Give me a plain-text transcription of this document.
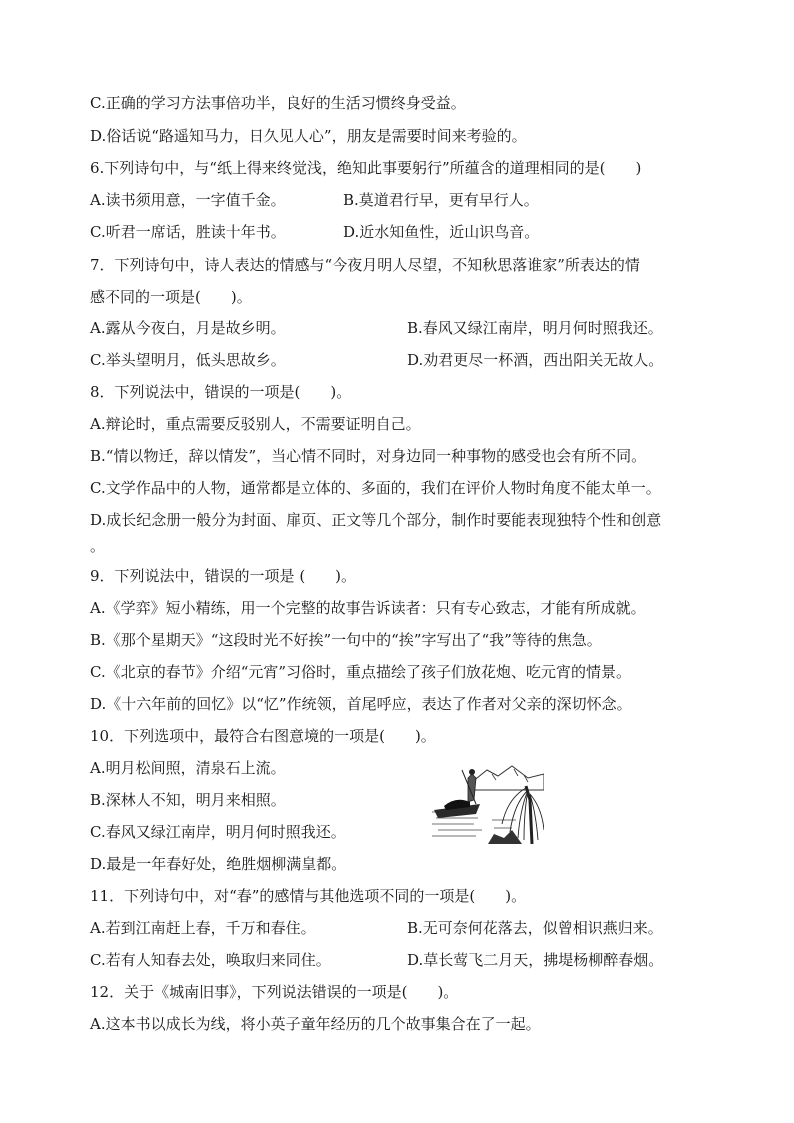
C.正确的学习方法事倍功半，良好的生活习惯终身受益。
D.俗话说“路遥知马力，日久见人心”，朋友是需要时间来考验的。
6.下列诗句中，与“纸上得来终觉浅，绝知此事要躬行”所蕴含的道理相同的是(　　)
A.读书须用意，一字值千金。	B.莫道君行早，更有早行人。
C.听君一席话，胜读十年书。	D.近水知鱼性，近山识鸟音。
7．下列诗句中，诗人表达的情感与“今夜月明人尽望，不知秋思落谁家”所表达的情
感不同的一项是(　　)。
A.露从今夜白，月是故乡明。	B.春风又绿江南岸，明月何时照我还。
C.举头望明月，低头思故乡。	D.劝君更尽一杯酒，西出阳关无故人。
8．下列说法中，错误的一项是(　　)。
A.辩论时，重点需要反驳别人，不需要证明自己。
B.“情以物迁，辞以情发”，当心情不同时，对身边同一种事物的感受也会有所不同。
C.文学作品中的人物，通常都是立体的、多面的，我们在评价人物时角度不能太单一。
D.成长纪念册一般分为封面、扉页、正文等几个部分，制作时要能表现独特个性和创意
。
9．下列说法中，错误的一项是 (　　)。
A.《学弈》短小精练，用一个完整的故事告诉读者：只有专心致志，才能有所成就。
B.《那个星期天》“这段时光不好挨”一句中的“挨”字写出了“我”等待的焦急。
C.《北京的春节》介绍“元宵”习俗时，重点描绘了孩子们放花炮、吃元宵的情景。
D.《十六年前的回忆》以“忆”作统领，首尾呼应，表达了作者对父亲的深切怀念。
10．下列选项中，最符合右图意境的一项是(　　)。
A.明月松间照，清泉石上流。
B.深林人不知，明月来相照。
C.春风又绿江南岸，明月何时照我还。
D.最是一年春好处，绝胜烟柳满皇都。
11．下列诗句中，对“春”的感情与其他选项不同的一项是(　　)。
A.若到江南赶上春，千万和春住。	B.无可奈何花落去，似曾相识燕归来。
C.若有人知春去处，唤取归来同住。	D.草长莺飞二月天，拂堤杨柳醉春烟。
12．关于《城南旧事》，下列说法错误的一项是(　　)。
A.这本书以成长为线，将小英子童年经历的几个故事集合在了一起。
